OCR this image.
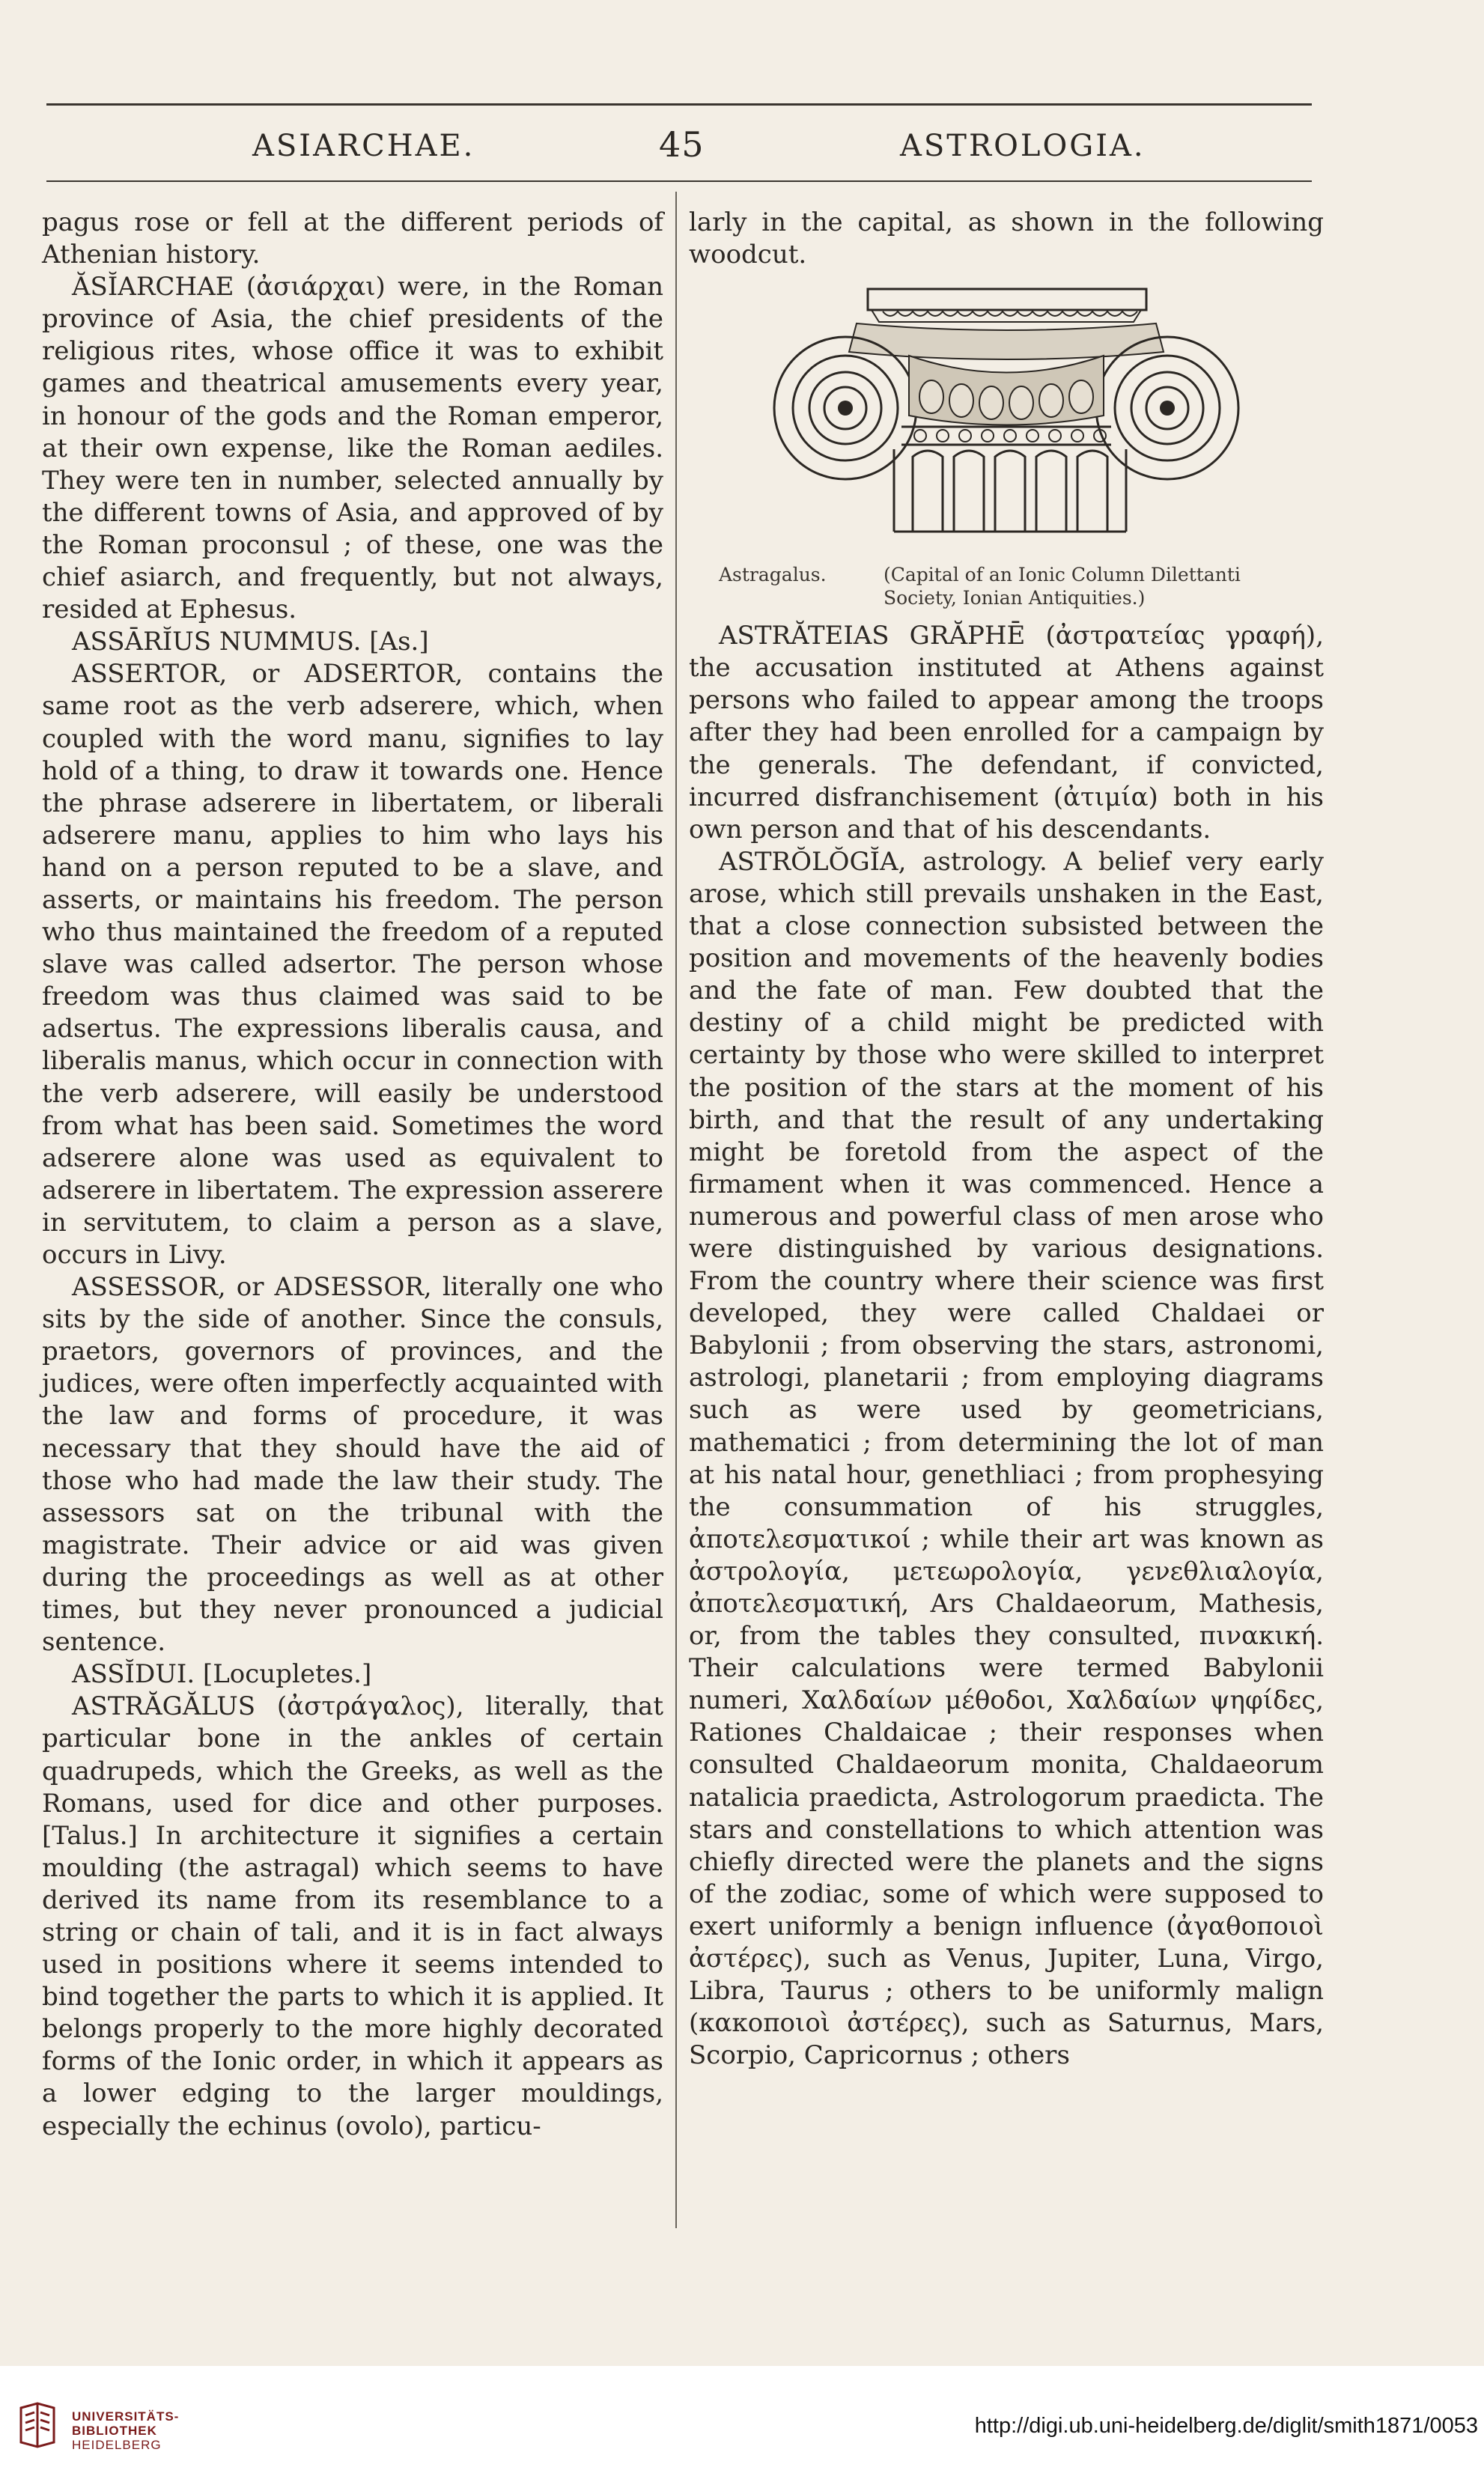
ASIARCHAE.	45	ASTROLOGIA.

pagus rose or fell at the different periods of Athenian history.

ĂSĬARCHAE (ἀσιάρχαι) were, in the Roman province of Asia, the chief presidents of the religious rites, whose office it was to exhibit games and theatrical amusements every year, in honour of the gods and the Roman emperor, at their own expense, like the Roman aediles. They were ten in number, selected annually by the different towns of Asia, and approved of by the Roman proconsul ; of these, one was the chief asiarch, and frequently, but not always, resided at Ephesus.

ASSĀRĬUS NUMMUS. [As.]

ASSERTOR, or ADSERTOR, contains the same root as the verb adserere, which, when coupled with the word manu, signifies to lay hold of a thing, to draw it towards one. Hence the phrase adserere in libertatem, or liberali adserere manu, applies to him who lays his hand on a person reputed to be a slave, and asserts, or maintains his freedom. The person who thus maintained the freedom of a reputed slave was called adsertor. The person whose freedom was thus claimed was said to be adsertus. The expressions liberalis causa, and liberalis manus, which occur in connection with the verb adserere, will easily be understood from what has been said. Sometimes the word adserere alone was used as equivalent to adserere in libertatem. The expression asserere in servitutem, to claim a person as a slave, occurs in Livy.

ASSESSOR, or ADSESSOR, literally one who sits by the side of another. Since the consuls, praetors, governors of provinces, and the judices, were often imperfectly acquainted with the law and forms of procedure, it was necessary that they should have the aid of those who had made the law their study. The assessors sat on the tribunal with the magistrate. Their advice or aid was given during the proceedings as well as at other times, but they never pronounced a judicial sentence.

ASSĬDUI. [Locupletes.]

ASTRĂGĂLUS (ἀστράγαλος), literally, that particular bone in the ankles of certain quadrupeds, which the Greeks, as well as the Romans, used for dice and other purposes. [Talus.] In architecture it signifies a certain moulding (the astragal) which seems to have derived its name from its resemblance to a string or chain of tali, and it is in fact always used in positions where it seems intended to bind together the parts to which it is applied. It belongs properly to the more highly decorated forms of the Ionic order, in which it appears as a lower edging to the larger mouldings, especially the echinus (ovolo), particu-

larly in the capital, as shown in the following woodcut.

Astragalus.	(Capital of an Ionic Column Dilettanti Society, Ionian Antiquities.)

ASTRĂTEIAS GRĂPHĒ (ἀστρατείας γραφή), the accusation instituted at Athens against persons who failed to appear among the troops after they had been enrolled for a campaign by the generals. The defendant, if convicted, incurred disfranchisement (ἀτιμία) both in his own person and that of his descendants.

ASTRŎLŎGĬA, astrology. A belief very early arose, which still prevails unshaken in the East, that a close connection subsisted between the position and movements of the heavenly bodies and the fate of man. Few doubted that the destiny of a child might be predicted with certainty by those who were skilled to interpret the position of the stars at the moment of his birth, and that the result of any undertaking might be foretold from the aspect of the firmament when it was commenced. Hence a numerous and powerful class of men arose who were distinguished by various designations. From the country where their science was first developed, they were called Chaldaei or Babylonii ; from observing the stars, astronomi, astrologi, planetarii ; from employing diagrams such as were used by geometricians, mathematici ; from determining the lot of man at his natal hour, genethliaci ; from prophesying the consummation of his struggles, ἀποτελεσματικοί ; while their art was known as ἀστρολογία, μετεωρολογία, γενεθλιαλογία, ἀποτελεσματική, Ars Chaldaeorum, Mathesis, or, from the tables they consulted, πινακική. Their calculations were termed Babylonii numeri, Χαλδαίων μέθοδοι, Χαλδαίων ψηφίδες, Rationes Chaldaicae ; their responses when consulted Chaldaeorum monita, Chaldaeorum natalicia praedicta, Astrologorum praedicta. The stars and constellations to which attention was chiefly directed were the planets and the signs of the zodiac, some of which were supposed to exert uniformly a benign influence (ἀγαθοποιοὶ ἀστέρες), such as Venus, Jupiter, Luna, Virgo, Libra, Taurus ; others to be uniformly malign (κακοποιοὶ ἀστέρες), such as Saturnus, Mars, Scorpio, Capricornus ; others

UNIVERSITÄTS-
BIBLIOTHEK
HEIDELBERG
http://digi.ub.uni-heidelberg.de/diglit/smith1871/0053
